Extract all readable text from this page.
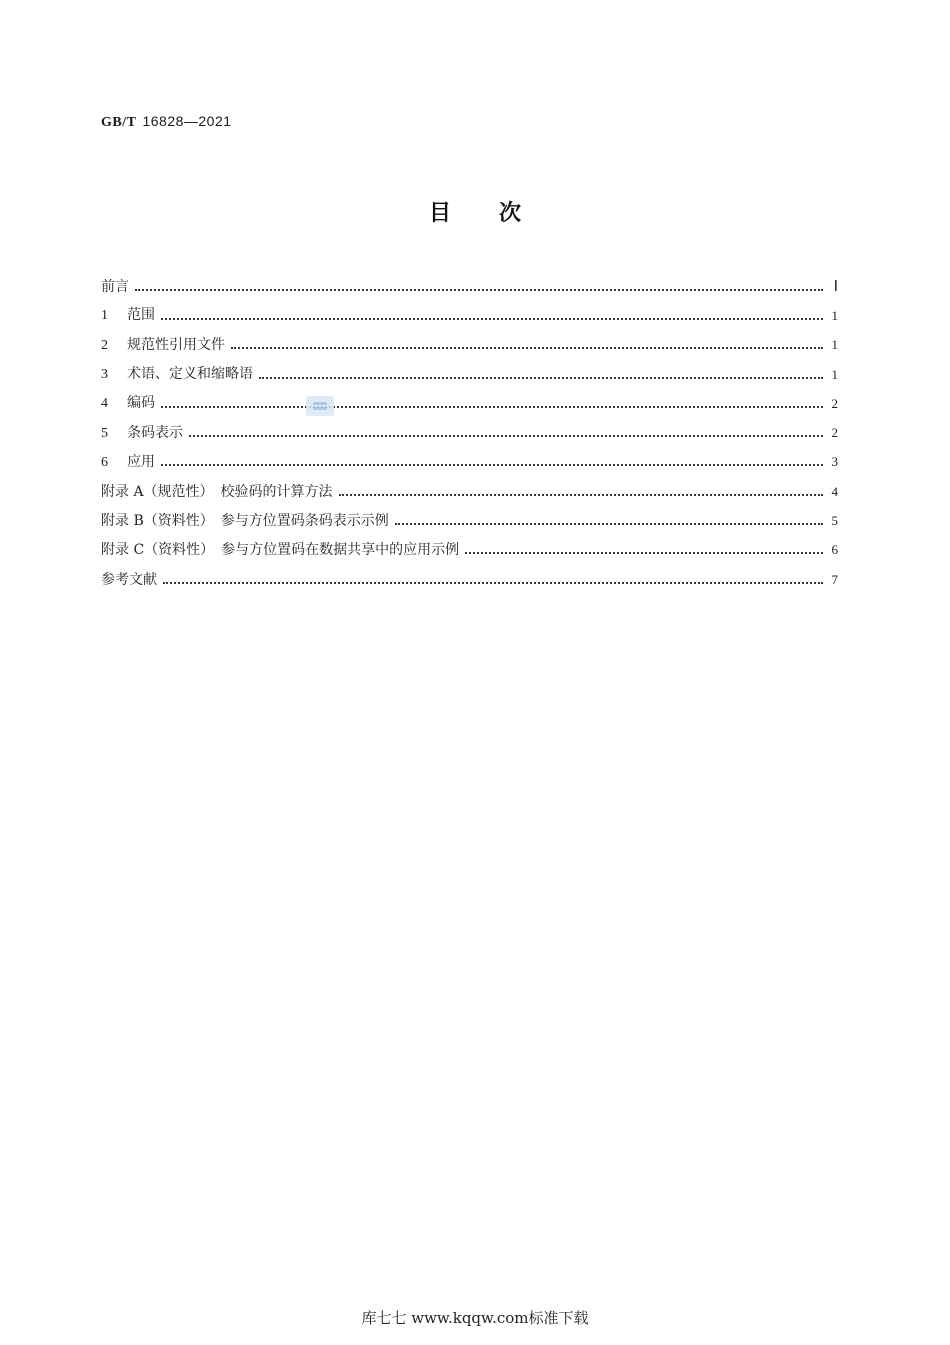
GB/T 16828—2021
目次
前言	Ⅰ
1 范围	1
2 规范性引用文件	1
3 术语、定义和缩略语	1
4 编码	2
5 条码表示	2
6 应用	3
附录 A（规范性）　校验码的计算方法	4
附录 B（资料性）　参与方位置码条码表示示例	5
附录 C（资料性）　参与方位置码在数据共享中的应用示例	6
参考文献	7
库七七 www.kqqw.com标准下载
